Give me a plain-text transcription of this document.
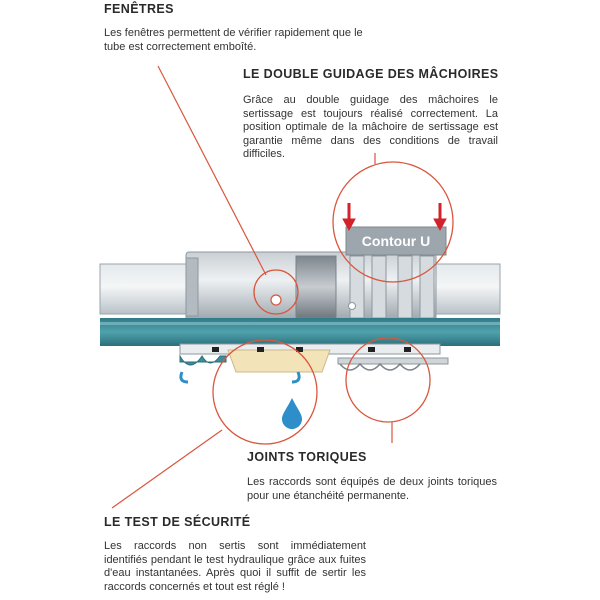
Contour U

FENÊTRES

Les fenêtres permettent de vérifier rapidement que le tube est correctement emboîté.

LE DOUBLE GUIDAGE DES MÂCHOIRES

Grâce au double guidage des mâchoires le sertissage est toujours réalisé correctement. La position optimale de la mâchoire de sertissage est garantie même dans des conditions de travail difficiles.

JOINTS TORIQUES

Les raccords sont équipés de deux joints toriques pour une étanchéité permanente.

LE TEST DE SÉCURITÉ

Les raccords non sertis sont immédiatement identifiés pendant le test hydraulique grâce aux fuites d'eau instantanées. Après quoi il suffit de sertir les raccords concernés et tout est réglé !
